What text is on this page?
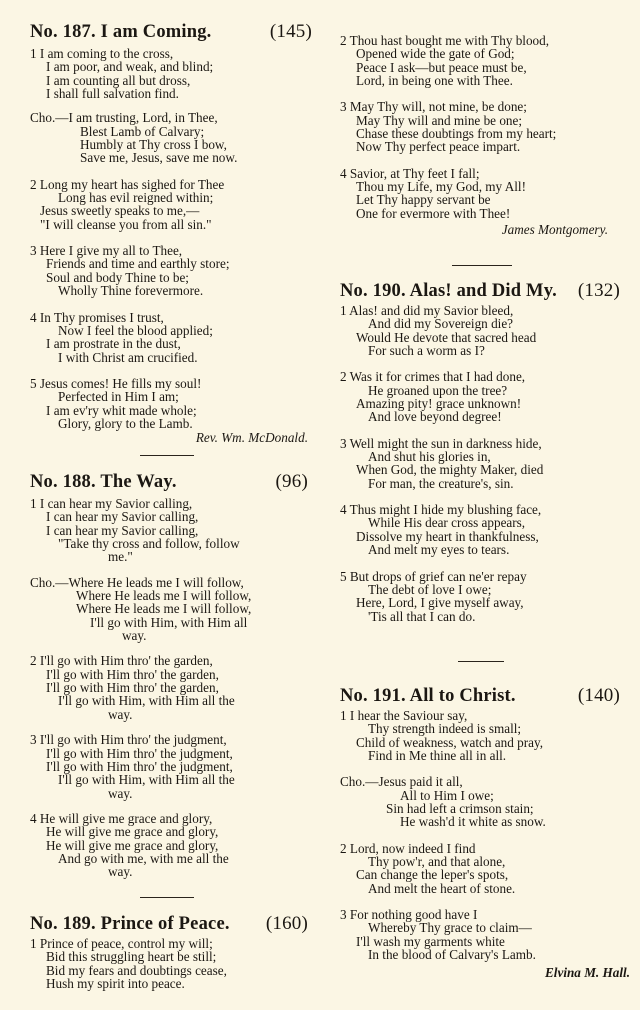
No. 187. I am Coming.	(145)
1 I am coming to the cross,
I am poor, and weak, and blind;
I am counting all but dross,
I shall full salvation find.
Cho.—I am trusting, Lord, in Thee,
Blest Lamb of Calvary;
Humbly at Thy cross I bow,
Save me, Jesus, save me now.
2 Long my heart has sighed for Thee
Long has evil reigned within;
Jesus sweetly speaks to me,—
"I will cleanse you from all sin."
3 Here I give my all to Thee,
Friends and time and earthly store;
Soul and body Thine to be;
Wholly Thine forevermore.
4 In Thy promises I trust,
Now I feel the blood applied;
I am prostrate in the dust,
I with Christ am crucified.
5 Jesus comes! He fills my soul!
Perfected in Him I am;
I am ev'ry whit made whole;
Glory, glory to the Lamb.
Rev. Wm. McDonald.
No. 188. The Way.	(96)
1 I can hear my Savior calling,
I can hear my Savior calling,
I can hear my Savior calling,
"Take thy cross and follow, follow
me."
Cho.—Where He leads me I will follow,
Where He leads me I will follow,
Where He leads me I will follow,
I'll go with Him, with Him all
way.
2 I'll go with Him thro' the garden,
I'll go with Him thro' the garden,
I'll go with Him thro' the garden,
I'll go with Him, with Him all the
way.
3 I'll go with Him thro' the judgment,
I'll go with Him thro' the judgment,
I'll go with Him thro' the judgment,
I'll go with Him, with Him all the
way.
4 He will give me grace and glory,
He will give me grace and glory,
He will give me grace and glory,
And go with me, with me all the
way.
No. 189. Prince of Peace. (160)
1 Prince of peace, control my will;
Bid this struggling heart be still;
Bid my fears and doubtings cease,
Hush my spirit into peace.
2 Thou hast bought me with Thy blood,
Opened wide the gate of God;
Peace I ask—but peace must be,
Lord, in being one with Thee.
3 May Thy will, not mine, be done;
May Thy will and mine be one;
Chase these doubtings from my heart;
Now Thy perfect peace impart.
4 Savior, at Thy feet I fall;
Thou my Life, my God, my All!
Let Thy happy servant be
One for evermore with Thee!
James Montgomery.
No. 190. Alas! and Did My. (132)
1 Alas! and did my Savior bleed,
And did my Sovereign die?
Would He devote that sacred head
For such a worm as I?
2 Was it for crimes that I had done,
He groaned upon the tree?
Amazing pity! grace unknown!
And love beyond degree!
3 Well might the sun in darkness hide,
And shut his glories in,
When God, the mighty Maker, died
For man, the creature's, sin.
4 Thus might I hide my blushing face,
While His dear cross appears,
Dissolve my heart in thankfulness,
And melt my eyes to tears.
5 But drops of grief can ne'er repay
The debt of love I owe;
Here, Lord, I give myself away,
'Tis all that I can do.
No. 191. All to Christ.	(140)
1 I hear the Saviour say,
Thy strength indeed is small;
Child of weakness, watch and pray,
Find in Me thine all in all.
Cho.—Jesus paid it all,
All to Him I owe;
Sin had left a crimson stain;
He wash'd it white as snow.
2 Lord, now indeed I find
Thy pow'r, and that alone,
Can change the leper's spots,
And melt the heart of stone.
3 For nothing good have I
Whereby Thy grace to claim—
I'll wash my garments white
In the blood of Calvary's Lamb.
Elvina M. Hall.
